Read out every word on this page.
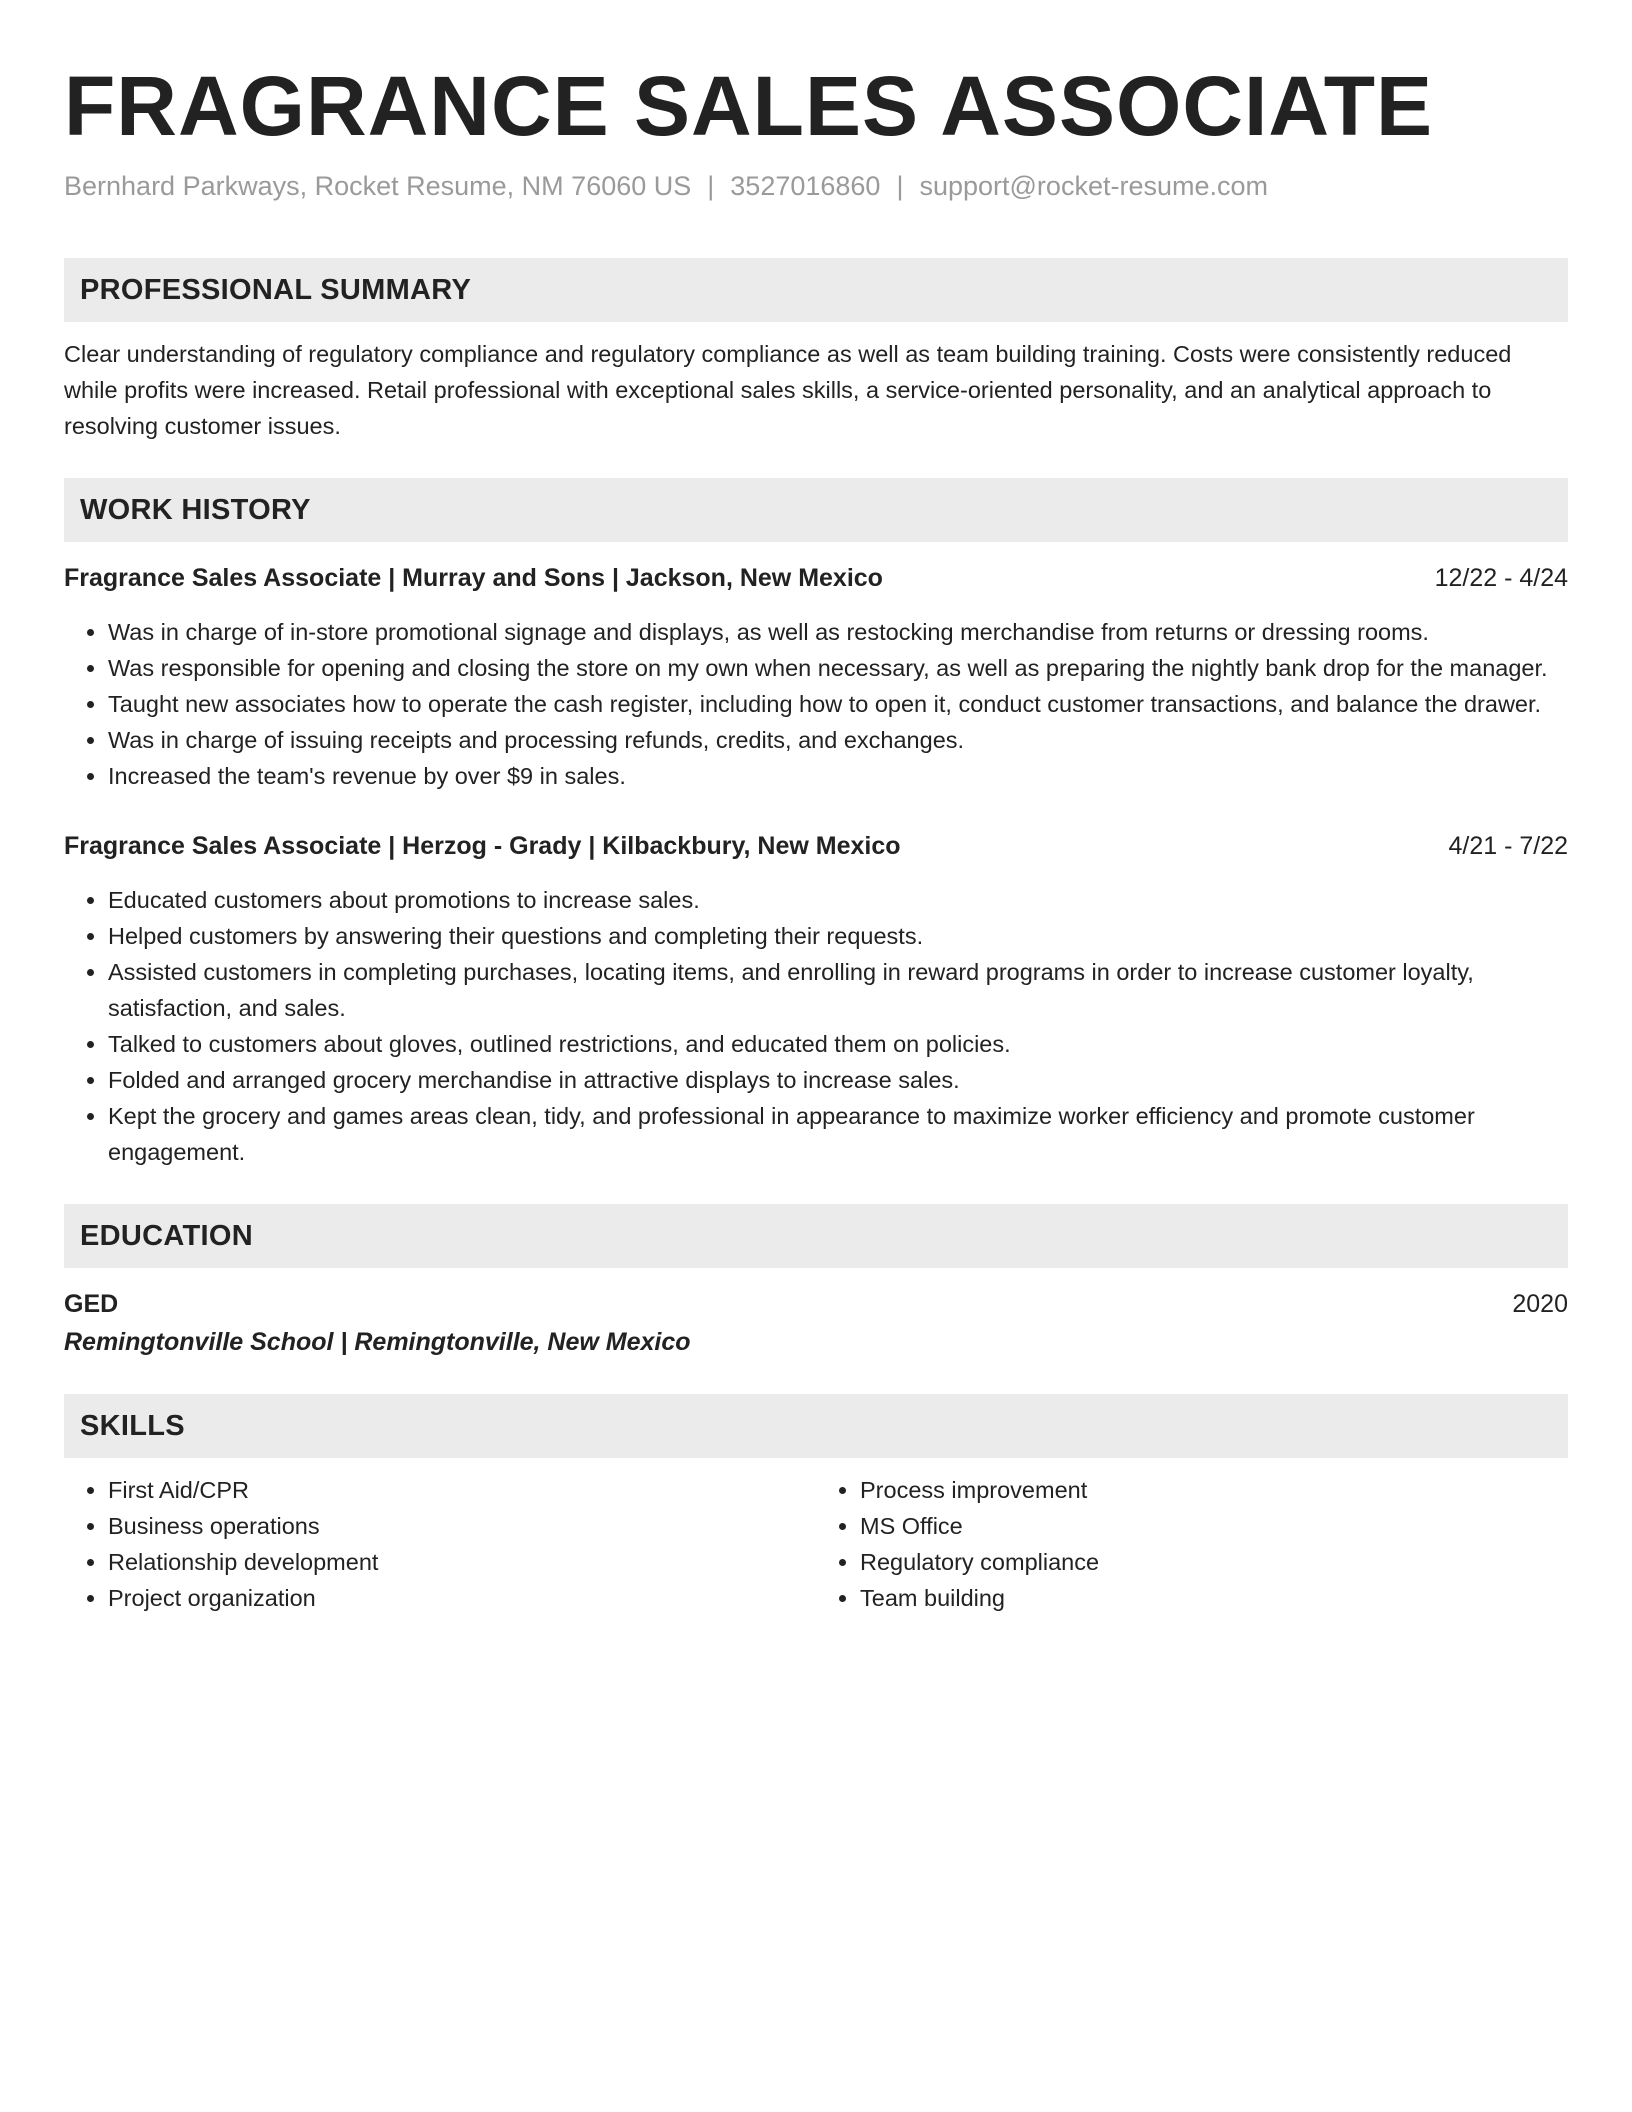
FRAGRANCE SALES ASSOCIATE
Bernhard Parkways, Rocket Resume, NM 76060 US | 3527016860 | support@rocket-resume.com
PROFESSIONAL SUMMARY
Clear understanding of regulatory compliance and regulatory compliance as well as team building training. Costs were consistently reduced while profits were increased. Retail professional with exceptional sales skills, a service-oriented personality, and an analytical approach to resolving customer issues.
WORK HISTORY
Fragrance Sales Associate | Murray and Sons | Jackson, New Mexico	12/22 - 4/24
• Was in charge of in-store promotional signage and displays, as well as restocking merchandise from returns or dressing rooms.
• Was responsible for opening and closing the store on my own when necessary, as well as preparing the nightly bank drop for the manager.
• Taught new associates how to operate the cash register, including how to open it, conduct customer transactions, and balance the drawer.
• Was in charge of issuing receipts and processing refunds, credits, and exchanges.
• Increased the team's revenue by over $9 in sales.
Fragrance Sales Associate | Herzog - Grady | Kilbackbury, New Mexico	4/21 - 7/22
• Educated customers about promotions to increase sales.
• Helped customers by answering their questions and completing their requests.
• Assisted customers in completing purchases, locating items, and enrolling in reward programs in order to increase customer loyalty, satisfaction, and sales.
• Talked to customers about gloves, outlined restrictions, and educated them on policies.
• Folded and arranged grocery merchandise in attractive displays to increase sales.
• Kept the grocery and games areas clean, tidy, and professional in appearance to maximize worker efficiency and promote customer engagement.
EDUCATION
GED	2020
Remingtonville School | Remingtonville, New Mexico
SKILLS
• First Aid/CPR
• Business operations
• Relationship development
• Project organization
• Process improvement
• MS Office
• Regulatory compliance
• Team building
